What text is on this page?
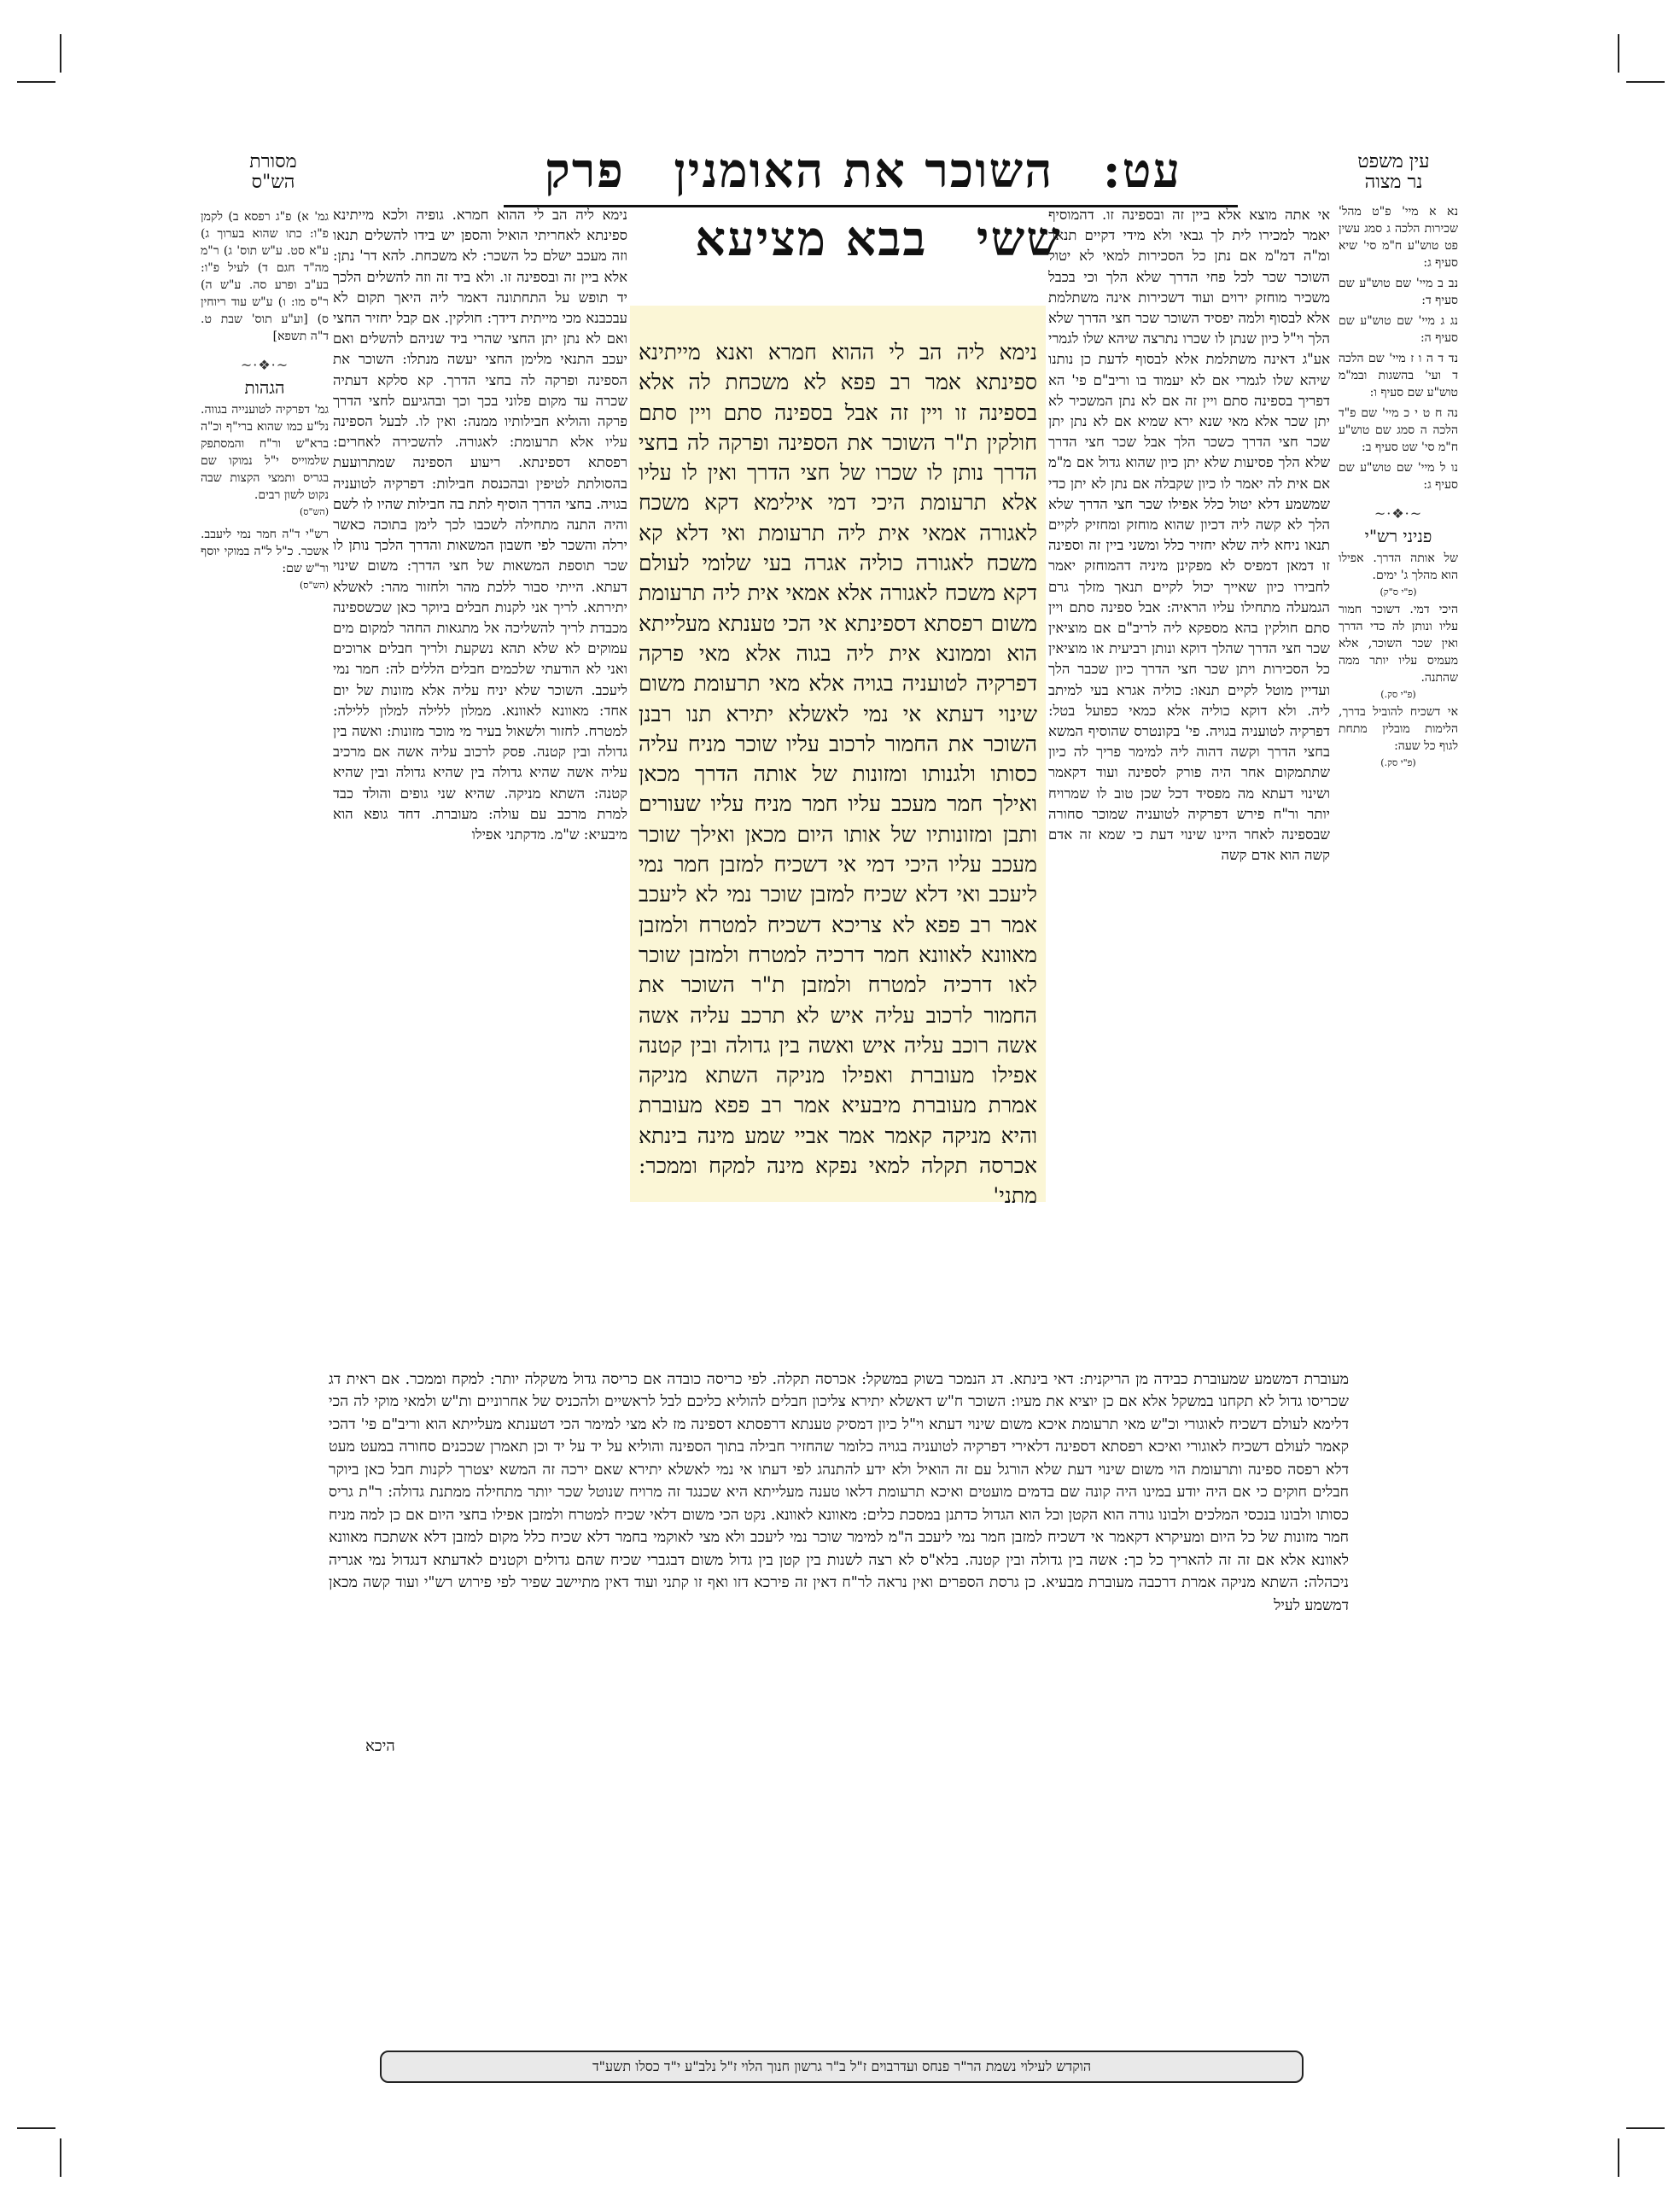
עט: השוכר את האומנין פרק ששי בבא מציעא
מסורת
הש"ס
עין משפט
נר מצוה

נא א מיי' פ"ט מהל' שכירות הלכה ג סמג עשין פט טוש"ע ח"מ סי' שיא סעיף ג:

נב ב מיי' שם טוש"ע שם סעיף ד:

נג ג מיי' שם טוש"ע שם סעיף ה:

נד ד ה ו ז מיי' שם הלכה ד ועי' בהשגות ובמ"מ טוש"ע שם סעיף ו:

נה ח ט י כ מיי' שם פ"ד הלכה ה סמג שם טוש"ע ח"מ סי' שט סעיף ב:

נו ל מיי' שם טוש"ע שם סעיף ג:

~·❖·~
פניני רש"י

של אותה הדרך. אפילו הוא מהלך ג' ימים.

(פ"י ס"ק)

היכי דמי. דשוכר חמור עליו ונותן לה כדי הדרך ואין שכר השוכר, אלא מעמיס עליו יותר ממה שהתנה.

(פ"י סק.)

אי דשכיח להוביל בדרך, הלימות מובלין מתחת לגוף כל שעה:

(פ"י סק.)

גמ' א) פ"ג רפסא ב) לקמן פ"ו: כתו שהוא בערוך ג) ע"א סט. ע"ש תוס' ג) ר"מ מה"ד חגם ד) לעיל פ"ו: בע"ב ופרע סה. ע"ש ה) ר"ס מו: ו) ע"ש עוד ריוחין ס) [וע"ע תוס' שבת ט. ד"ה תשפא]

~·❖·~
הגהות

גמ' דפרקיה לטוענייה בגווה. נל"ע כמו שהוא ברי"ף וכ"ה ברא"ש ור"ח והמסתפק שלמוייס י"ל נמוקו שם בגריס ותמצי הקצות שבה נקוט לשון רבים.

(הש"ס)

רש"י ד"ה חמר נמי ליעבב. אשכר. כ"ל ל"ה במוקי יוסף ור"ש שם:

(הש"ס)

אי אתה מוצא אלא ביין זה ובספינה זו. דהמוסיף יאמר למכירו לית לך גבאי ולא מידי דקיים תנאך ומ"ה דמ"מ אם נתן כל הסכירות למאי לא יטול השוכר שכר לכל פחי הדרך שלא הלך וכי בכבל משכיר מוחזק ירוים ועוד דשכירות אינה משתלמת אלא לבסוף ולמה יפסיד השוכר שכר חצי הדרך שלא הלך וי"ל כיון שנתן לו שכרו נתרצה שיהא שלו לגמרי אע"ג דאינה משתלמת אלא לבסוף לדעת כן נותנו שיהא שלו לגמרי אם לא יעמוד בו וריב"ם פי' הא דפריך בספינה סתם ויין זה אם לא נתן המשכיר לא יתן שכר אלא מאי שנא ירא שמיא אם לא נתן יתן שכר חצי הדרך כשכר הלך אבל שכר חצי הדרך שלא הלך פסיעות שלא יתן כיון שהוא גדול אם מ"מ אם אית לה יאמר לו כיון שקבלה אם נתן לא יתן כדי שמשמע דלא יטול כלל אפילו שכר חצי הדרך שלא הלך לא קשה ליה דכיון שהוא מוחזק ומחזיק לקיים תנאו ניחא ליה שלא יחזיר כלל ומשני ביין זה וספינה זו דמאן דמפיס לא מפקינן מיניה דהמוחזק יאמר לחבירו כיון שאייך יכול לקיים תנאך מזלך גרם הגמעלה מתחילו עליו הראיה: אבל ספינה סתם ויין סתם חולקין בהא מספקא ליה לריב"ם אם מוציאין שכר חצי הדרך שהלך דוקא ונותן רביעית או מוציאין כל הסכירות ויתן שכר חצי הדרך כיון שכבר הלך ועדיין מוטל לקיים תנאו: כוליה אגרא בעי למיתב ליה. ולא דוקא כוליה אלא כמאי כפועל בטל: דפרקיה לטועניה בגויה. פי' בקונטרס שהוסיף המשא בחצי הדרך וקשה דהוה ליה למימר פריך לה כיון שתתמקום אחר היה פורק לספינה ועוד דקאמר ושינוי דעתא מה מפסיד דכל שכן טוב לו שמרויח יותר ור"ח פירש דפרקיה לטועניה שמוכר סחורה שבספינה לאחר היינו שינוי דעת כי שמא זה אדם קשה הוא אדם קשה

נימא ליה הב לי ההוא חמרא. גופיה ולכא מייתינא ספינתא לאחריתי הואיל והספן יש בידו להשלים תנאו וזה מעכב ישלם כל השכר: לא משכחת. להא דר' נתן: אלא ביין זה ובספינה זו. ולא ביד זה וזה להשלים הלכך יד תופש על התחתונה דאמר ליה היאך תקום לא עבכבנא מכי מייתית דידך: חולקין. אם קבל יחזיר החצי ואם לא נתן יתן החצי שהרי ביד שניהם להשלים ואם יעכב התנאי מלימן החצי יעשה מנתלו: השוכר את הספינה ופרקה לה בחצי הדרך. קא סלקא דעתיה שכרה עד מקום פלוני בכך וכך ובהגיעם לחצי הדרך פרקה והוליא חבילותיו ממנה: ואין לו. לבעל הספינה עליו אלא תרעומת: לאגורה. להשכירה לאחרים: רפסתא דספינתא. ריעוע הספינה שמתרועעת בהסולתת לטיפין ובהכנסת חבילות: דפרקיה לטועניה בגויה. בחצי הדרך הוסיף לתת בה חבילות שהיו לו לשם והיה התנה מתחילה לשכבו לכך לימן בתוכה כאשר ירלה והשכר לפי חשבון המשאות והדרך הלכך נותן לו שכר תוספת המשאות של חצי הדרך: משום שינוי דעתא. הייתי סבור ללכת מהר ולחזור מהר: לאשלא יתירתא. לריך אני לקנות חבלים ביוקר כאן שכשספינה מכבדת לריך להשליכה אל מתגאות החהר למקום מים עמוקים לא שלא תהא נשקעת ולריך חבלים ארוכים ואני לא הודעתי שלכמים חבלים הללים לה: חמר נמי ליעכב. השוכר שלא יניח עליה אלא מזונות של יום אחד: מאוונא לאוונא. ממלון ללילה למלון ללילה: למטרח. לחזור ולשאול בעיר מי מוכר מזונות: ואשה בין גדולה ובין קטנה. פסק לרכוב עליה אשה אם מרכיב עליה אשה שהיא גדולה בין שהיא גדולה ובין שהיא קטנה: השתא מניקה. שהיא שני גופים והולד כבד למרת מרכב עם עולה: מעוברת. דחד גופא הוא מיבעיא: ש"מ. מדקתני אפילו

נימא ליה הב לי ההוא חמרא ואנא מייתינא ספינתא אמר רב פפא לא משכחת לה אלא בספינה זו ויין זה אבל בספינה סתם ויין סתם חולקין ת"ר השוכר את הספינה ופרקה לה בחצי הדרך נותן לו שכרו של חצי הדרך ואין לו עליו אלא תרעומת היכי דמי אילימא דקא משכח לאגורה אמאי אית ליה תרעומת ואי דלא קא משכח לאגורה כוליה אגרה בעי שלומי לעולם דקא משכח לאגורה אלא אמאי אית ליה תרעומת משום רפסתא דספינתא אי הכי טענתא מעלייתא הוא וממונא אית ליה בגוה אלא מאי פרקה דפרקיה לטועניה בגויה אלא מאי תרעומת משום שינוי דעתא אי נמי לאשלא יתירא תנו רבנן השוכר את החמור לרכוב עליו שוכר מניח עליה כסותו ולגנותו ומזונות של אותה הדרך מכאן ואילך חמר מעכב עליו חמר מניח עליו שעורים ותבן ומזונותיו של אותו היום מכאן ואילך שוכר מעכב עליו היכי דמי אי דשכיח למזבן חמר נמי ליעכב ואי דלא שכיח למזבן שוכר נמי לא ליעכב אמר רב פפא לא צריכא דשכיח למטרח ולמזבן מאוונא לאוונא חמר דרכיה למטרח ולמזבן שוכר לאו דרכיה למטרח ולמזבן ת"ר השוכר את החמור לרכוב עליה איש לא תרכב עליה אשה אשה רוכב עליה איש ואשה בין גדולה ובין קטנה אפילו מעוברת ואפילו מניקה השתא מניקה אמרת מעוברת מיבעיא אמר רב פפא מעוברת והיא מניקה קאמר אמר אביי שמע מינה בינתא אכרסה תקלה למאי נפקא מינה למקח וממכר: מתני'

מעוברת דמשמע שמעוברת כבידה מן הריקנית: דאי בינתא. דג הנמכר בשוק במשקל: אכרסה תקלה. לפי כריסה כובדה אם כריסה גדול משקלה יותר: למקח וממכר. אם ראית דג שכריסו גדול לא תקחנו במשקל אלא אם כן יוציא את מעיו: השוכר ח"ש דאשלא יתירא צליכון חבלים להוליא כליכם לבל לראשיים ולהכניס של אחרוניים ות"ש ולמאי מוקי לה הכי דלימא לעולם דשכיח לאוגורי וכ"ש מאי תרעומת איכא משום שינוי דעתא וי"ל כיון דמסיק טענתא דרפסתא דספינה מז לא מצי למימר הכי דטענתא מעלייתא הוא וריב"ם פי' דהכי קאמר לעולם דשכיח לאוגורי ואיכא רפסתא דספינה דלאירי דפרקיה לטועניה בגויה כלומר שהחזיר חבילה בתוך הספינה והוליא על יד על יד וכן תאמרן שככנים סחורה במעט מעט דלא רפסה ספינה ותרעומת הוי משום שינוי דעת שלא הורגל עם זה הואיל ולא ידע להתנהג לפי דעתו אי נמי לאשלא יתירא שאם ירכה זה המשא יצטרך לקנות חבל כאן ביוקר חבלים חוקים כי אם היה יודע במינו היה קונה שם בדמים מועטים ואיכא תרעומת דלאו טענה מעלייתא היא שכנגד זה מרויח שנוטל שכר יותר מתחילה ממתנת גדולה: ר"ת גריס כסותו ולבונו בנכסי המלכים ולבונו גורה הוא הקטן וכל הוא הגדול כדתנן במסכת כלים: מאוונא לאוונא. נקט הכי משום דלאי שכיח למטרח ולמזבן אפילו בחצי היום אם כן למה מניח חמר מזונות של כל היום ומעיקרא דקאמר אי דשכיח למזבן חמר נמי ליעכב ה"מ למימר שוכר נמי ליעכב ולא מצי לאוקמי בחמר דלא שכיח כלל מקום למזבן דלא אשתכח מאוונא לאוונא אלא אם זה זה להאריך כל כך: אשה בין גדולה ובין קטנה. בלא"ס לא רצה לשנות בין קטן בין גדול משום דבגברי שכיח שהם גדולים וקטנים לאדעתא דנגדול נמי אגריה ניכהלה: השתא מניקה אמרת דרכבה מעוברת מבעיא. כן גרסת הספרים ואין נראה לר"ח דאין זה פירכא דזו ואף זו קתני ועוד דאין מתיישב שפיר לפי פירוש רש"י ועוד קשה מכאן דמשמע לעיל

היכא
הוקדש לעילוי נשמת הר"ר פנחס ועדרבוים ז"ל ב"ר גרשון חנוך הלוי ז"ל נלב"ע י"ד כסלו תשע"ד
